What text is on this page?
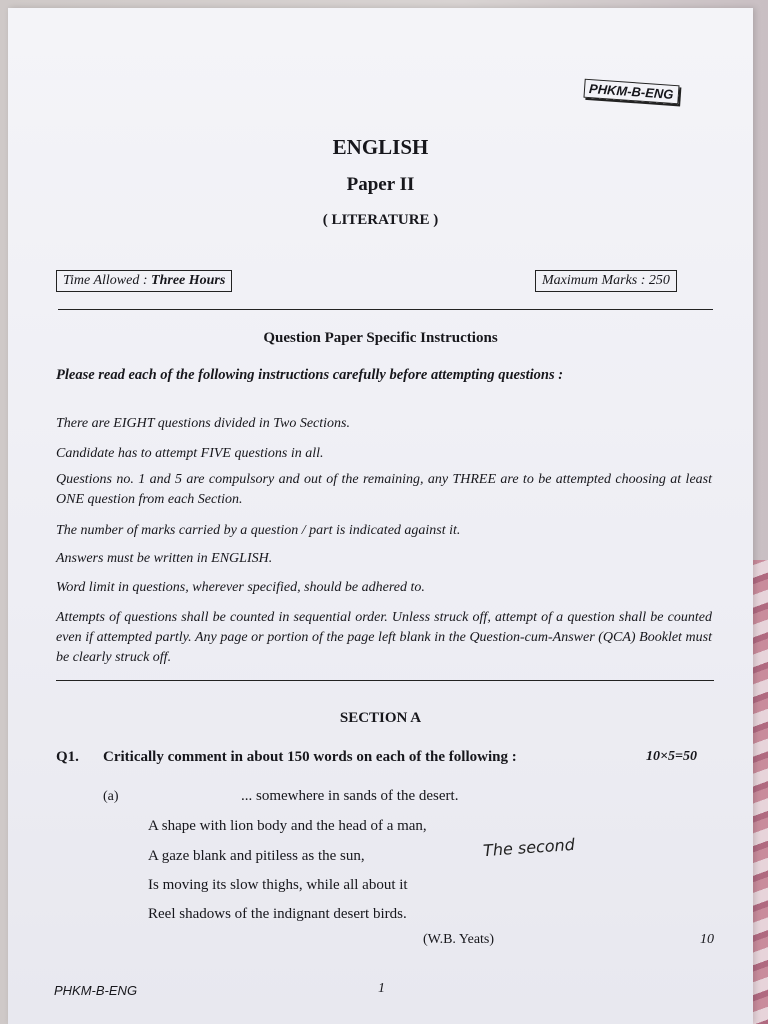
PHKM-B-ENG
ENGLISH
Paper II
( LITERATURE )
Time Allowed : Three Hours	Maximum Marks : 250
Question Paper Specific Instructions
Please read each of the following instructions carefully before attempting questions :
There are EIGHT questions divided in Two Sections.
Candidate has to attempt FIVE questions in all.
Questions no. 1 and 5 are compulsory and out of the remaining, any THREE are to be attempted choosing at least ONE question from each Section.
The number of marks carried by a question / part is indicated against it.
Answers must be written in ENGLISH.
Word limit in questions, wherever specified, should be adhered to.
Attempts of questions shall be counted in sequential order. Unless struck off, attempt of a question shall be counted even if attempted partly. Any page or portion of the page left blank in the Question-cum-Answer (QCA) Booklet must be clearly struck off.
SECTION A
Q1. Critically comment in about 150 words on each of the following :	10×5=50
(a)	... somewhere in sands of the desert.
A shape with lion body and the head of a man,
A gaze blank and pitiless as the sun,
Is moving its slow thighs, while all about it
Reel shadows of the indignant desert birds.
The second
(W.B. Yeats)	10
PHKM-B-ENG	1
